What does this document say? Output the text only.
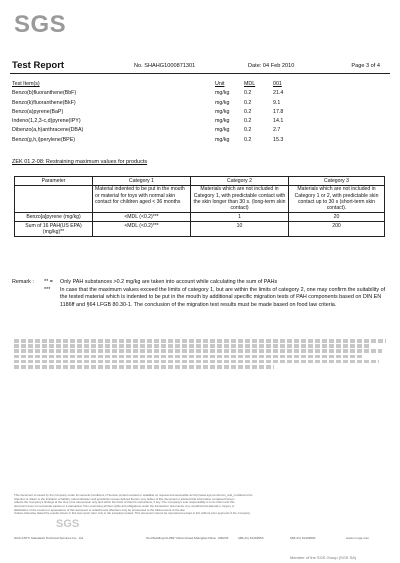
SGS
Test Report	No. SHAHG1000871301	Date: 04 Feb 2010	Page 3 of 4
Test Item(s)	Unit	MDL	001
Benzo(b)fluoranthene(BbF)	mg/kg	0.2	21.4
Benzo(k)fluoranthene(BkF)	mg/kg	0.2	9.1
Benzo(a)pyrene(BaP)	mg/kg	0.2	17.8
Indeno(1,2,3-c,d)pyrene(IPY)	mg/kg	0.2	14.1
Dibenzo(a,h)anthracene(DBA)	mg/kg	0.2	2.7
Benzo(g,h,i)perylene(BPE)	mg/kg	0.2	15.3
ZEK 01.2-08: Restraining maximum values for products
Parameter	Category 1	Category 2	Category 3
	Material indented to be put in the mouth or material for toys with normal skin contact for children aged < 36 months	Materials which are not included in Category 1, with predictable contact with the skin longer than 30 s. (long-term skin contact)	Materials which are not included in Category 1 or 2, with predictable skin contact up to 30 s (short-term skin contact).
Benzo[a]pyrene (mg/kg)	<MDL (<0.2)***	1	20
Sum of 16 PAH(US EPA) (mg/kg)**	<MDL (<0.2)***	10	200
Remark : ** = Only PAH substances >0.2 mg/kg are taken into account while calculating the sum of PAHs
*** In case that the maximum values exceed the limits of category 1, but are within the limits of category 2, one may confirm the suitability of the tested material which is indented to be put in the mouth by additional specific migration tests of PAH components based on DIN EN 1186ff and §64 LFGB 80.30-1. The conclusion of the migration test results must be made based on food law criteria.
This document is issued by the Company under its General Conditions of Service printed overleaf or available on request and accessible at http://www.sgs.com/terms_and_conditions.htm.
Attention is drawn to the limitation of liability, indemnification and jurisdiction issues defined therein. Any holder of this document is advised that information contained hereon
reflects the Company's findings at the time of its intervention only and within the limits of Client's instructions, if any. The Company's sole responsibility is to its Client and this
document does not exonerate parties to a transaction from exercising all their rights and obligations under the transaction documents. Any unauthorized alteration, forgery or
falsification of the content or appearance of this document is unlawful and offenders may be prosecuted to the fullest extent of the law.
Unless otherwise stated the results shown in this test report refer only to the sample(s) tested. This document cannot be reproduced except in full, without prior approval of the Company.
SGS
SGS-CSTC Standards Technical Services Co., Ltd.	Test Building No.889 Yishan Road,Shanghai,China 200233	t(86-21) 61402553	f(86-21) 61402594	www.cn.sgs.com
Member of the SGS Group (SGS SA)
